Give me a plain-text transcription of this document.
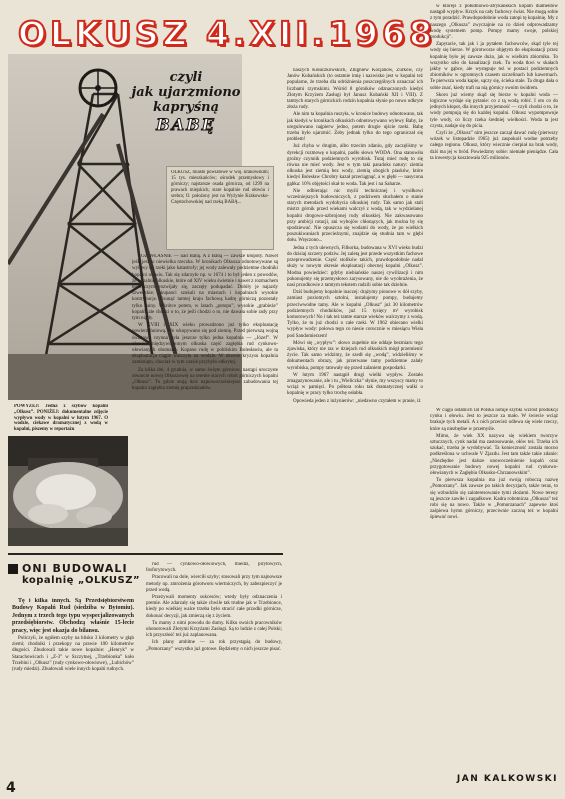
OLKUSZ 4.XII.1968
czyli
jak ujarzmiono
kapryśną
BABĘ
OLKUSZ, miasto powiatowe w woj. krakowskim; 15 tys. mieszkańców; ośrodek przemysłowy i górniczy; najstarsze osada górnicza, od 1299 na prawach miejskich; stare kopalnie rud ołowiu i srebra; O. położony jest na Wyżynie Krakowsko-Częstochowskiej nad rzeką BABĄ...
POWYŻEJ: Jedna z szybów kopalni „Olkusz”. PONIŻEJ: dokumentalne zdjęcie wypływu wody w kopalni w lutym 1967. O wodzie, ciekawe dramatycznej z wodą w kopalni, piszemy w reportażu

TOŻ WŁAŚNIE — nad Babą. A z Babą — zawsze kłopoty. Nawet jeśli jest to niewielka rzeczka. W kronikach Olkusza odnotowywane są wylewy tej rzeki jako katastrofy; jej wody zalewały podziemne chodniki kopalni ołowiu. Tak się zdarzyło np. w 1674 i to był jeden z powodów, że kopalnie olkuskie, które od XIV wieku świetnie i nawet z rozmachem techniczym rozwijały się, zaczęły podupadać. Dobiły je najazdy szwedzkie; okupanci szukali na miastach i kopalniach wysokie kontrybucje. Usunąć tamtej kraju fachową kadrę górniczą pozostały tylko ruiny. Wkrótce potem, w latach „potopu”, wysokie „grabieże” kopalń, ale chodzi o to, że jeśli chodzi o to, nie dawała sobie rady przy tym nigdy.

W XVIII i XIX wieku prowadzono już tylko eksploatację powierzchniową. We wkopywano się pod ziemię. Przed pierwszą wojną światową czynna była jeszcze tylko jedna kopalnia — „Józef”. W okresie międzywojennym olkuska część zagłębia rud cynkowo-ołowianych obumarła. Kopano rudę w pobliskim Bolesławiu, ale ta eksploatacja ciągle walczyła na wodzie. W okresie kryzysu kopalnia zamknięto, chociaż w tym czasie przybyło odkrytej.

Za kilka dni, 4 grudnia, w samo święto górnicze, nastąpi uroczyste otwarcie nowej Olkuszowej na terenie starych robót górniczych kopalni „Olkusz”. Tu gdzie stoją dziś najnowocześniejsze zabudowania tej kopalni zagłębia ziemię prapradziadów.

naszych Kołaczkowskich, Zbigniew Kocjanów, Żurków, czy Janów Kubańskich (to ostatnie imię i nazwisko jest w kopalni też popularne, że trzeba dla odróżnienia poszczególnych oznaczać ich liczbami rzymskimi. Wśród 8 górników odznaczonych kiedyś Złotym Krzyżem Zasługi był Janusz Kubański XII i VIII). Z tamtych starych górnickich rodzin kopalnia słynie po nowo odkryte złoża rudy.

Ale nim ta kopalnia ruszyła, w kronice budowy odnotowano, tak jak kiedyś w kronikach olkuskich odnotowywano wylewy Baby, że uregulowano najpierw jedno, potem drugie ujście rzeki. Babę trzeba było ujarzmić. Żeby jednak tylko do tego ograniczał się problem!

Już chyba w drugim, albo trzecim zdaniu, gdy zaczęliśmy w dyrekcji rozmowę o kopalni, padło słowo WODA. Ona stanowiła groźny czynnik podziemnych wyrobisk. Tutaj mieć rudę to się równa nie mieć wody. Jest w tym taki paradoks natury: ziemia olkuska jest ziemią bez wody, ziemią ubogich piasków, które kiedyś Bolesław Chrobry kazał przeciągnąć, a w głębi — nasycona gąbka: 10% objętości skał to woda. Tak jest i na Saharze.

Nie odbierając nic myśli technicznej i wysiłkowi wcześniejszych budowniczych, z podziwem słuchałem o stanie starych metodach wydobycia olkuskiej rudy. Tak samo jak stali mistrz górnik przed wiekami walczył z wodą, tak w wydzielanej kopalni drogowo-uzbrojonej rudy olkuskiej. Nie zakwasowano przy ambicji rotacji, ani wybojów chłonących, jak można by się spodziewać. Nie opuszcza się wodami do wody, że po wielkich poszukiwaniach przecieżnymi, znajdzie się studnia tam w głębi dołu. Wręczono...

Jedna z tych ulewnych, Filhorka, budowana w XVI wieku budzi do dzisiaj szczery podziw. Jej zaletą jest przede wszystkim fachowe przeprowadzenie. Część stolików takich, prawdopodobnie nadal służy w nowym okresie eksploatacji obecnej kopalni „Olkusz”. Modna powiedzieć: gdyby niebiańskie naszej cywilizacji i nim pokonujemy się przemysłowo zarysowany, nie do wyobrażenia, że nasi przodkowie z tamtym tekstem radzili sobie tak dzielnie.

Dziś budujemy kopalnie inaczej: drążymy pionowe w dół szyby, zamiast poziomych sztolni, instalujemy pompy, budujemy przeciwwodne tamy. Ale w kopalni „Olkusz” już 30 kilometrów podziemnych chodników, już 15 tysięcy m³ wyrobisk komorowych! No i tak też tamte starsze wieków walczymy z wodą. Tylko, że tu już chodzi o całe rzeki. W 1962 obiecano wielki wypływ wody: połowa tego co niesie corocznie w miesiącu Wisła pod Sandomierzem!

Mówi się „wypływ”: słowo zupełnie nie oddaje bezmiaru tego zjawiska, który nie raz w dziejach rud olkuskich mógł przemienić życie. Tak samo widzimy, że szedł się „wodą”, widzieliśmy w dokumentach obrazy, jak przerwane tamy podziemne zalały wyrobiska, pompy ratowały się przed zalaniem gospodarki.

W lutym 1967 nastąpił drugi wielki wypływ. Zostało zmagazynowanie, ale i tu „Wieliczka” słynie, my wszyscy mamy to wciąż w pamięci. Po półtora roku tak dramatycznej walki o kopalnię w pracy tylko trochę osłabła.

Opowieda jeden z inżynierów: „niedawno czytałem w prasie, iż

w którejś z południowo-afrykańskich kopalń diamentów nastąpił wypływ. Krzyk na cały fachowy świat. Nie mogą sobie z tym poradzić. Prawdopodobnie woda zatopi tę kopalnię. My z naszego „Olkusza” zwyczajnie na co dzień odprowadzamy wodę systemem pomp. Pompy mamy swoje, polskiej produkcji”.

Zapytacie, tak jak i ja pytałem fachowców, skąd tyle tej wody się bierze. W górotworze objętym do eksploatacji przez kopalnię było jej zawsze dużo, jak w wielkim zbiorniku. To wszystko szło do kanalizacji rzek. Tu woda tkwi w skałach jakby w gąbce, ale występuje też w postaci podziemnych zbiorników w ogromnych czasem szczelinach lub kawernach. Te pierwsza woda kapie, sączy się, ścieka stale. Ta druga dała o sobie znać, kiedy trafi na nią górnicy swoim świdrem.

Skoro już wiemy skąd się bierze w kopalni woda — logiczne wydaje się pytanie: co z tą wodą robić. I oto co do jednych kłopot, dla innych przyjemność — czyli chodzi o to, że wody pompują się do każdej kopalni. Olkusz wypompowuje tyle wody, co liczy rzeka średniej wielkości. Woda ta jest czysta, nadaje się do picia.

Czyli że „Olkusz” nim jeszcze zaczął dawać rudę (pierwszy wózek w listopadzie 1965) już zaspokoił wodne potrzeby całego regionu. Olkusz, który wiecznie cierpiał na brak wody, dziś ma jej w bród. Powiedzmy sobie: niemałe pieniądze. Cała ta inwestycja kosztowała 925 milionów.

W ciągu ostatnich lat Polska notuje szybki wzrost produkcji cynku i ołowiu. Jest to jeszcze za mało. W świecie wciąż brakuje tych metali. A z nich przecież odlewa się wiele rzeczy, które są niezbędne w przemyśle.

Mimo, że wiek XX nazywa się wiekiem tworzyw sztucznych, cynk nadal ma zastosowanie, ołów też. Trzeba ich szukać, trzeba je wydobywać. Ta konieczność zostala mocno podkreślona w uchwale V Zjazdu. Jest tam także takie zdanie: „Niezbędne jest dalsze unowocześnienie kopalń oraz przygotowanie budowy nowej kopalni rud cynkowo-ołowianych w Zagłębiu Olkusko-Chrzanowskim”.

To pierwsza kopalnia ma już swoją roboczą nazwę „Pomorzany”. Jak zawsze po takich decyzjach, także teraz, to się wzbudziło się zainteresowanie tymi złożami. Nowe tereny są jeszcze zawiłe i zagadkowe. Kadra robotnicza „Olkusza” też robi się na nowo. Także w „Pomorzanach” zapewne ktoś zaśpiewa hymn górniczy, przeciwnie zaczną też w kopalni śpiewać nowi.

JAN KALKOWSKI
ONI BUDOWALI
kopalnię „OLKUSZ”

Tę i kilka innych. Są Przedsiębiorstwem Budowy Kopalń Rud (siedziba w Bytomiu). Jednym z trzech tego typu wyspecjalizowanych przedsiębiorstw. Obchodzą właśnie 15-lecie pracy, więc jest okazja do bilansu.

Policzyli, że ogółem szyby na blisko 3 kilometry w głąb ziemi; chodniki i przekopy na prawie 100 kilometrów długości. Zbudowali takie nowe kopalnie: „Henryk” w Starachowicach i „Z-3” w Szczytnej, „Trzebionka” koło Trzebini i „Olkusz” (rudy cynkowo-ołowiowe), „Lubichów” (rudy miedzi). Zbudowali wiele innych kopalń rudnych.

rud — cynkowo-ołowiowych, miedzi, pirytowych, fosforytowych.

Pracowali na dole, wierciłi szyby; stosowali przy tym najnowsze metody np. zmrożenia górotworu wiertniczych, by zabezpieczyć je przed wodą.

Przeżywali momenty sukcesów; wtedy były odznaczenia i premie. Ale zdarzały się także chwile tak trudne jak w Trzebionce, kiedy po wielkiej walce trzeba było stracić całe przodki górnicze, dokonać decyzji, jak zmierzą się z życiem.

Tu mamy z nimi powodu do dumy. Kilku swoich pracowników uhonorowali Złotymi Krzyżami Zasługi. Są to ludzie z całej Polski; ich przyszłość też już zaplanowana.

Ich plany ambitne — za rok przystąpią do budowy, „Pomorzany” wszystko już gotowe. Będziemy o nich jeszcze pisać.

4
